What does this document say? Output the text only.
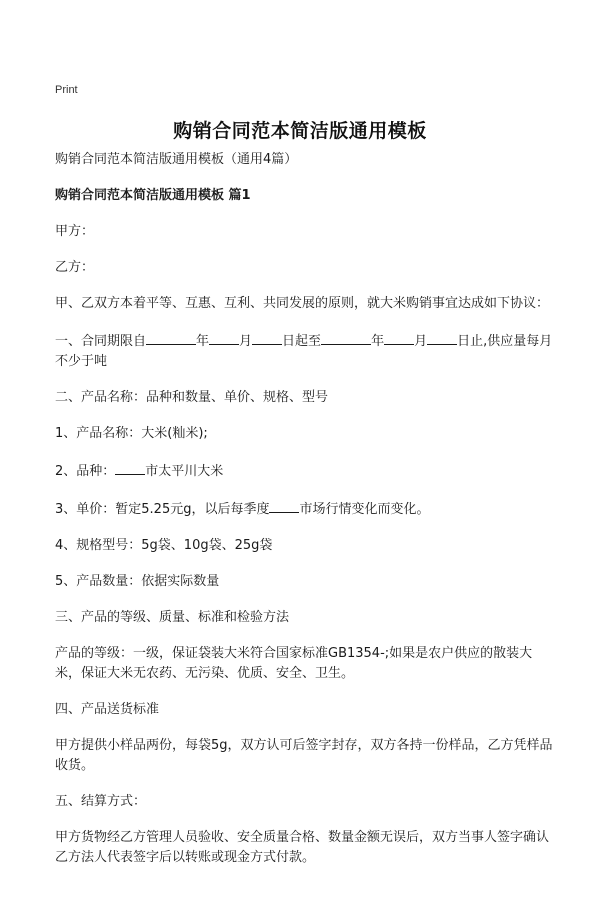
Print
购销合同范本简洁版通用模板

购销合同范本简洁版通用模板（通用4篇）

购销合同范本简洁版通用模板 篇1

甲方：

乙方：

甲、乙双方本着平等、互惠、互利、共同发展的原则，就大米购销事宜达成如下协议：

一、合同期限自	年 月 日起至	年 月 日止,供应量每月不少于吨

二、产品名称：品种和数量、单价、规格、型号

1、产品名称：大米(籼米);

2、品种： 市太平川大米

3、单价：暂定5.25元g，以后每季度 市场行情变化而变化。

4、规格型号：5g袋、10g袋、25g袋

5、产品数量：依据实际数量

三、产品的等级、质量、标准和检验方法

产品的等级：一级，保证袋装大米符合国家标准GB1354-;如果是农户供应的散装大米，保证大米无农药、无污染、优质、安全、卫生。

四、产品送货标准

甲方提供小样品两份，每袋5g，双方认可后签字封存，双方各持一份样品，乙方凭样品收货。

五、结算方式：

甲方货物经乙方管理人员验收、安全质量合格、数量金额无误后，双方当事人签字确认乙方法人代表签字后以转账或现金方式付款。
